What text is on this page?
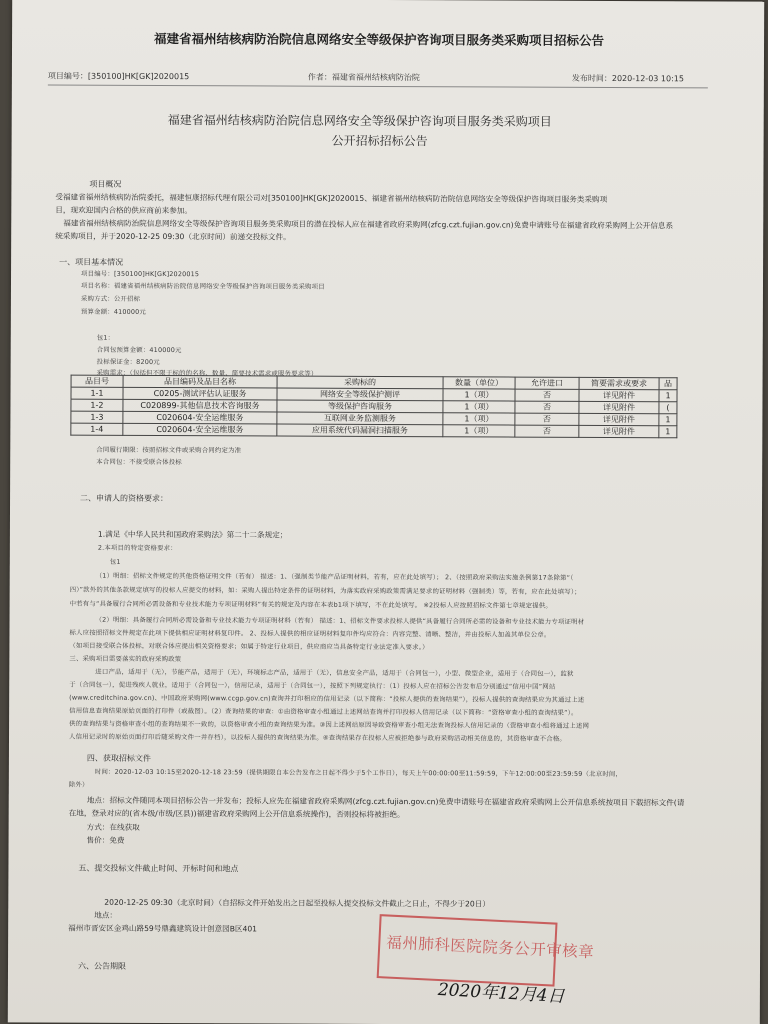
福建省福州结核病防治院信息网络安全等级保护咨询项目服务类采购项目招标公告
项目编号：[350100]HK[GK]2020015	作者：福建省福州结核病防治院	发布时间：2020-12-03 10:15
福建省福州结核病防治院信息网络安全等级保护咨询项目服务类采购项目
公开招标招标公告
项目概况
受福建省福州结核病防治院委托，福建恒康招标代理有限公司对[350100]HK[GK]2020015、福建省福州结核病防治院信息网络安全等级保护咨询项目服务类采购项
目，现欢迎国内合格的供应商前来参加。
福建省福州结核病防治院信息网络安全等级保护咨询项目服务类采购项目的潜在投标人应在福建省政府采购网(zfcg.czt.fujian.gov.cn)免费申请账号在福建省政府采购网上公开信息系
统采购项目，并于2020-12-25 09:30（北京时间）前递交投标文件。
一、项目基本情况
项目编号：[350100]HK[GK]2020015
项目名称：福建省福州结核病防治院信息网络安全等级保护咨询项目服务类采购项目
采购方式：公开招标
预算金额：410000元
包1：
合同包预算金额：410000元
投标保证金：8200元
采购需求：（包括但不限于标的的名称、数量、简要技术需求或服务要求等）
品目号	品目编码及品目名称	采购标的	数量（单位）	允许进口	简要需求或要求	品
1-1	C0205-测试评估认证服务	网络安全等级保护测评	1（项）	否	详见附件	1
1-2	C020899-其他信息技术咨询服务	等级保护咨询服务	1（项）	否	详见附件	(
1-3	C020604-安全运维服务	互联网业务监测服务	1（项）	否	详见附件	1
1-4	C020604-安全运维服务	应用系统代码漏洞扫描服务	1（项）	否	详见附件	1
合同履行期限：按照招标文件或采购合同约定为准
本合同包：不接受联合体投标
二、申请人的资格要求：
1.满足《中华人民共和国政府采购法》第二十二条规定；
2.本项目的特定资格要求：
包1
（1）明细：招标文件规定的其他资格证明文件（若有） 描述：1、（强制类节能产品证明材料，若有，应在此处填写）； 2、（按照政府采购法实施条例第17条除第“（
四）”款外的其他条款规定填写的投标人应提交的材料，如：采购人提出特定条件的证明材料，为落实政府采购政策需满足要求的证明材料（强制类）等，若有，应在此处填写）；
中若有与“具备履行合同所必需设备和专业技术能力专项证明材料”有关的规定及内容在本表b1项下填写，不在此处填写。 ※2投标人应按照招标文件第七章规定提供。
（2）明细：具备履行合同所必需设备和专业技术能力专项证明材料（若有） 描述：1、招标文件要求投标人提供“具备履行合同所必需的设备和专业技术能力专项证明材
标人应按照招标文件规定在此项下提供相应证明材料复印件。 2、投标人提供的相应证明材料复印件均应符合：内容完整、清晰、整洁，并由投标人加盖其单位公章。
（如项目接受联合体投标，对联合体应提出相关资格要求；如属于特定行业项目，供应商应当具备特定行业法定准入要求。）
三、采购项目需要落实的政府采购政策
进口产品，适用于（无），节能产品，适用于（无），环境标志产品，适用于（无），信息安全产品，适用于（合同包一），小型、微型企业，适用于（合同包一），监狱
于（合同包一），促进残疾人就业，适用于（合同包一），信用记录，适用于（合同包一），按照下列规定执行：（1）投标人应在招标公告发布后分别通过“信用中国”网站
(www.creditchina.gov.cn)、中国政府采购网(www.ccgp.gov.cn)查询并打印相应的信用记录（以下简称：“投标人提供的查询结果”），投标人提供的查询结果应为其通过上述
信用信息查询结果原始页面的打印件（或截图）。（2）查询结果的审查：①由资格审查小组通过上述网站查询并打印投标人信用记录（以下简称：“资格审查小组的查询结果”）。
供的查询结果与资格审查小组的查询结果不一致的，以资格审查小组的查询结果为准。③因上述网站原因导致资格审查小组无法查询投标人信用记录的（资格审查小组将通过上述网
人信用记录时的原始页面打印后随采购文件一并存档），以投标人提供的查询结果为准。④查询结果存在投标人应被拒绝参与政府采购活动相关信息的，其资格审查不合格。
四、获取招标文件
时间：2020-12-03 10:15至2020-12-18 23:59（提供期限自本公告发布之日起不得少于5个工作日），每天上午00:00:00至11:59:59，下午12:00:00至23:59:59（北京时间，
除外）
地点：招标文件随同本项目招标公告一并发布；投标人应先在福建省政府采购网(zfcg.czt.fujian.gov.cn)免费申请账号在福建省政府采购网上公开信息系统按项目下载招标文件(请
在地，登录对应的(省本级/市级/区县))福建省政府采购网上公开信息系统操作)，否则投标将被拒绝。
方式：在线获取
售价：免费
五、提交投标文件截止时间、开标时间和地点
2020-12-25 09:30（北京时间）（自招标文件开始发出之日起至投标人提交投标文件截止之日止，不得少于20日）
地点：
福州市晋安区金鸡山路59号鼎鑫建筑设计创意园B区401
六、公告期限
福州肺科医院院务公开审核章
2020年12月4日
